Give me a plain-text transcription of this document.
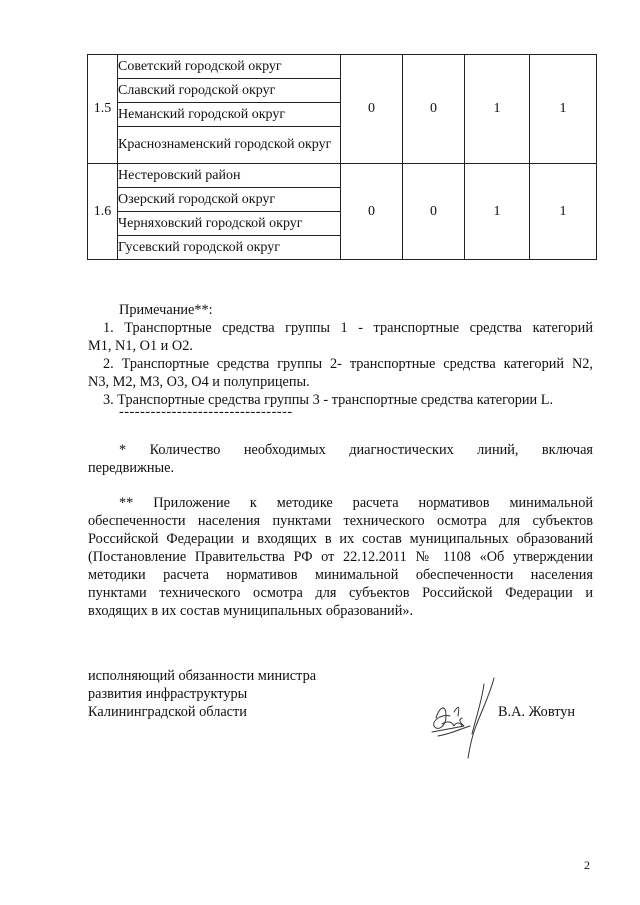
1.5	Советский городской округ	0	0	1	1
	Славский городской округ				
	Неманский городской округ				
	Краснознаменский городской округ				
1.6	Нестеровский район	0	0	1	1
	Озерский городской округ				
	Черняховский городской округ				
	Гусевский городской округ				
Примечание**:
1. Транспортные средства группы 1 - транспортные средства категорий
M1, N1, O1 и O2.
2. Транспортные средства группы 2- транспортные средства категорий N2,
N3, M2, M3, O3, O4 и полуприцепы.
3. Транспортные средства группы 3 - транспортные средства категории L.
---------------------------------
* Количество необходимых диагностических линий, включая
передвижные.
** Приложение к методике расчета нормативов минимальной
обеспеченности населения пунктами технического осмотра для субъектов
Российской Федерации и входящих в их состав муниципальных образований
(Постановление Правительства РФ от 22.12.2011 № 1108 «Об утверждении
методики расчета нормативов минимальной обеспеченности населения
пунктами технического осмотра для субъектов Российской Федерации и
входящих в их состав муниципальных образований».
исполняющий обязанности министра
развития инфраструктуры
Калининградской области	В.А. Жовтун
2
